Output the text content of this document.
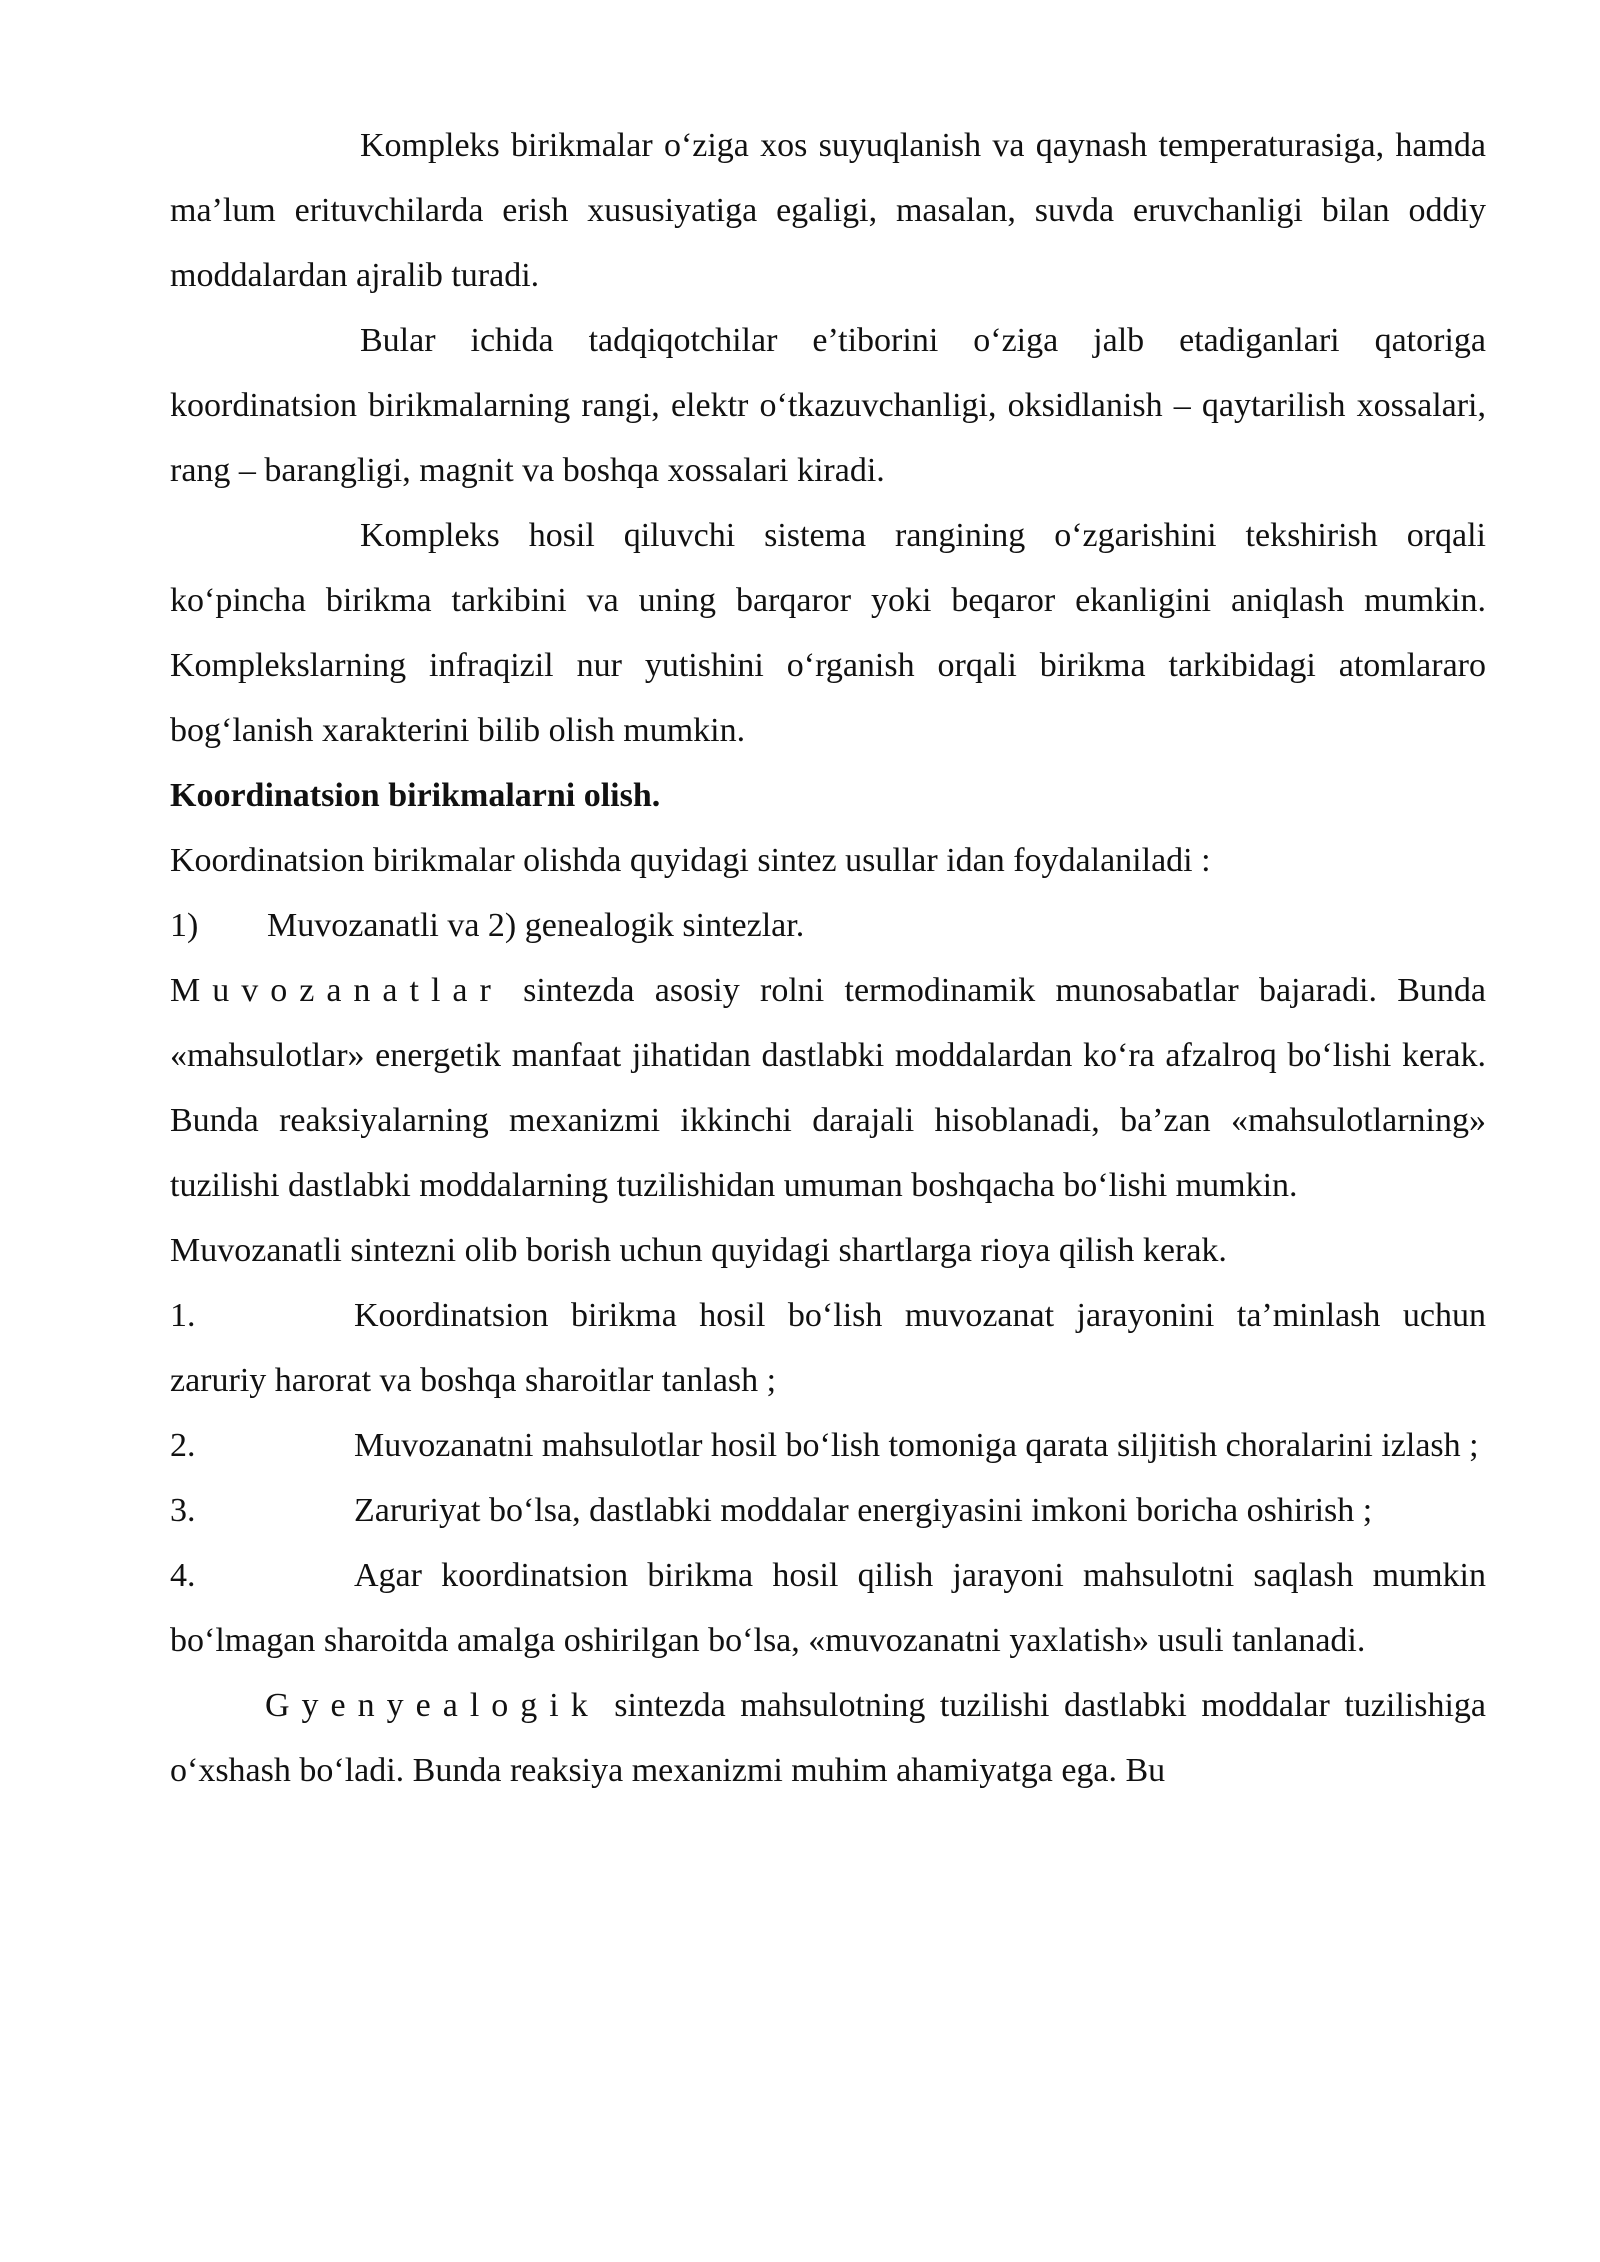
Kompleks birikmalar o‘ziga xos suyuqlanish va qaynash temperaturasiga, hamda ma’lum erituvchilarda erish xususiyatiga egaligi, masalan, suvda eruvchanligi bilan oddiy moddalardan ajralib turadi.

Bular ichida tadqiqotchilar e’tiborini o‘ziga jalb etadiganlari qatoriga koordinatsion birikmalarning rangi, elektr o‘tkazuvchanligi, oksidlanish – qaytarilish xossalari, rang – barangligi, magnit va boshqa xossalari kiradi.

Kompleks hosil qiluvchi sistema rangining o‘zgarishini tekshirish orqali ko‘pincha birikma tarkibini va uning barqaror yoki beqaror ekanligini aniqlash mumkin. Komplekslarning infraqizil nur yutishini o‘rganish orqali birikma tarkibidagi atomlararo bog‘lanish xarakterini bilib olish mumkin.

Koordinatsion birikmalarni olish.

Koordinatsion birikmalar olishda quyidagi sintez usullar idan foydalaniladi :

1)	Muvozanatli va 2) genealogik sintezlar.

Muvozanatlar sintezda asosiy rolni termodinamik munosabatlar bajaradi. Bunda «mahsulotlar» energetik manfaat jihatidan dastlabki moddalardan ko‘ra afzalroq bo‘lishi kerak. Bunda reaksiyalarning mexanizmi ikkinchi darajali hisoblanadi, ba’zan «mahsulotlarning» tuzilishi dastlabki moddalarning tuzilishidan umuman boshqacha bo‘lishi mumkin.

Muvozanatli sintezni olib borish uchun quyidagi shartlarga rioya qilish kerak.

1.	Koordinatsion birikma hosil bo‘lish muvozanat jarayonini ta’minlash uchun zaruriy harorat va boshqa sharoitlar tanlash ;

2.	Muvozanatni mahsulotlar hosil bo‘lish tomoniga qarata siljitish choralarini izlash ;

3.	Zaruriyat bo‘lsa, dastlabki moddalar energiyasini imkoni boricha oshirish ;

4.	Agar koordinatsion birikma hosil qilish jarayoni mahsulotni saqlash mumkin bo‘lmagan sharoitda amalga oshirilgan bo‘lsa, «muvozanatni yaxlatish» usuli tanlanadi.

Gyenyealogik sintezda mahsulotning tuzilishi dastlabki moddalar tuzilishiga o‘xshash bo‘ladi. Bunda reaksiya mexanizmi muhim ahamiyatga ega. Bu
